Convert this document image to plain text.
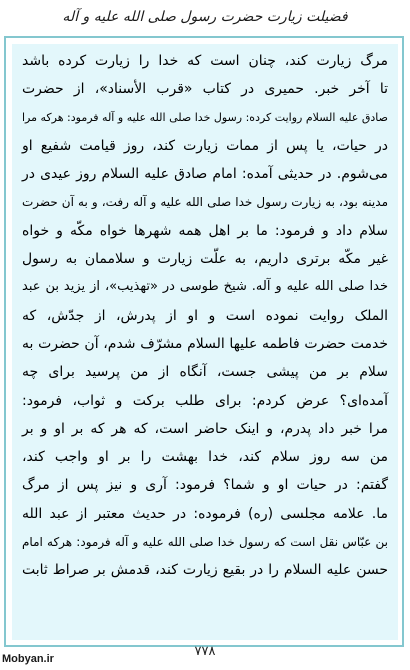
فضیلت زیارت حضرت رسول صلی الله علیه و آله
مرگ زیارت کند، چنان است که خدا را زیارت کرده باشد
تا آخر خبر. حمیری در کتاب «قرب الأسناد»، از حضرت
صادق علیه السلام روایت کرده: رسول خدا صلی الله علیه و آله فرمود: هرکه مرا
در حیات، یا پس از ممات زیارت کند، روز قیامت شفیع او
می‌شوم. در حدیثی آمده: امام صادق علیه السلام روز عیدی در
مدینه بود، به زیارت رسول خدا صلی الله علیه و آله رفت، و به آن حضرت
سلام داد و فرمود: ما بر اهل همه شهرها خواه مکّه و خواه
غیر مکّه برتری داریم، به علّت زیارت و سلاممان به رسول
خدا صلی الله علیه و آله. شیخ طوسی در «تهذیب»، از یزید بن عبد
الملک روایت نموده است و او از پدرش، از جدّش، که
خدمت حضرت فاطمه علیها السلام مشرّف شدم، آن حضرت به
سلام بر من پیشی جست، آنگاه از من پرسید برای چه
آمده‌ای؟ عرض کردم: برای طلب برکت و ثواب، فرمود:
مرا خبر داد پدرم، و اینک حاضر است، که هر که بر او و بر
من سه روز سلام کند، خدا بهشت را بر او واجب کند،
گفتم: در حیات او و شما؟ فرمود: آری و نیز پس از مرگ
ما. علامه مجلسی (ره) فرموده: در حدیث معتبر از عبد الله
بن عبّاس نقل است که رسول خدا صلی الله علیه و آله فرمود: هرکه امام
حسن علیه السلام را در بقیع زیارت کند، قدمش بر صراط ثابت
۷۷۸
Mobyan.ir
